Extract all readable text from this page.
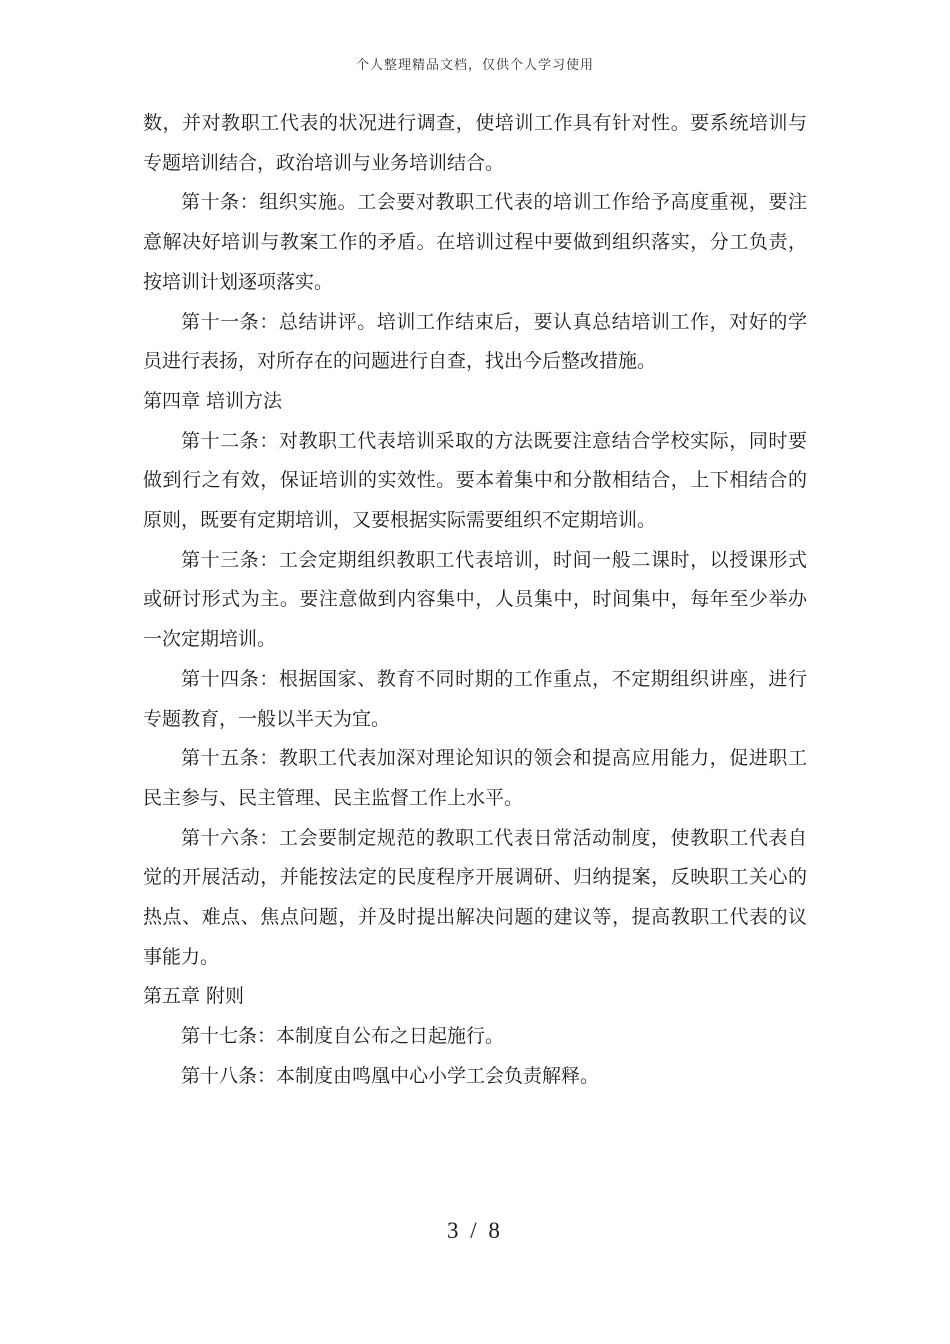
个人整理精品文档，仅供个人学习使用

数，并对教职工代表的状况进行调查，使培训工作具有针对性。要系统培训与专题培训结合，政治培训与业务培训结合。

第十条：组织实施。工会要对教职工代表的培训工作给予高度重视，要注意解决好培训与教案工作的矛盾。在培训过程中要做到组织落实，分工负责，按培训计划逐项落实。

第十一条：总结讲评。培训工作结束后，要认真总结培训工作，对好的学员进行表扬，对所存在的问题进行自查，找出今后整改措施。

第四章 培训方法

第十二条：对教职工代表培训采取的方法既要注意结合学校实际，同时要做到行之有效，保证培训的实效性。要本着集中和分散相结合，上下相结合的原则，既要有定期培训，又要根据实际需要组织不定期培训。

第十三条：工会定期组织教职工代表培训，时间一般二课时，以授课形式或研讨形式为主。要注意做到内容集中，人员集中，时间集中，每年至少举办一次定期培训。

第十四条：根据国家、教育不同时期的工作重点，不定期组织讲座，进行专题教育，一般以半天为宜。

第十五条：教职工代表加深对理论知识的领会和提高应用能力，促进职工民主参与、民主管理、民主监督工作上水平。

第十六条：工会要制定规范的教职工代表日常活动制度，使教职工代表自觉的开展活动，并能按法定的民度程序开展调研、归纳提案，反映职工关心的热点、难点、焦点问题，并及时提出解决问题的建议等，提高教职工代表的议事能力。

第五章 附则

第十七条：本制度自公布之日起施行。

第十八条：本制度由鸣凰中心小学工会负责解释。

3 / 8
